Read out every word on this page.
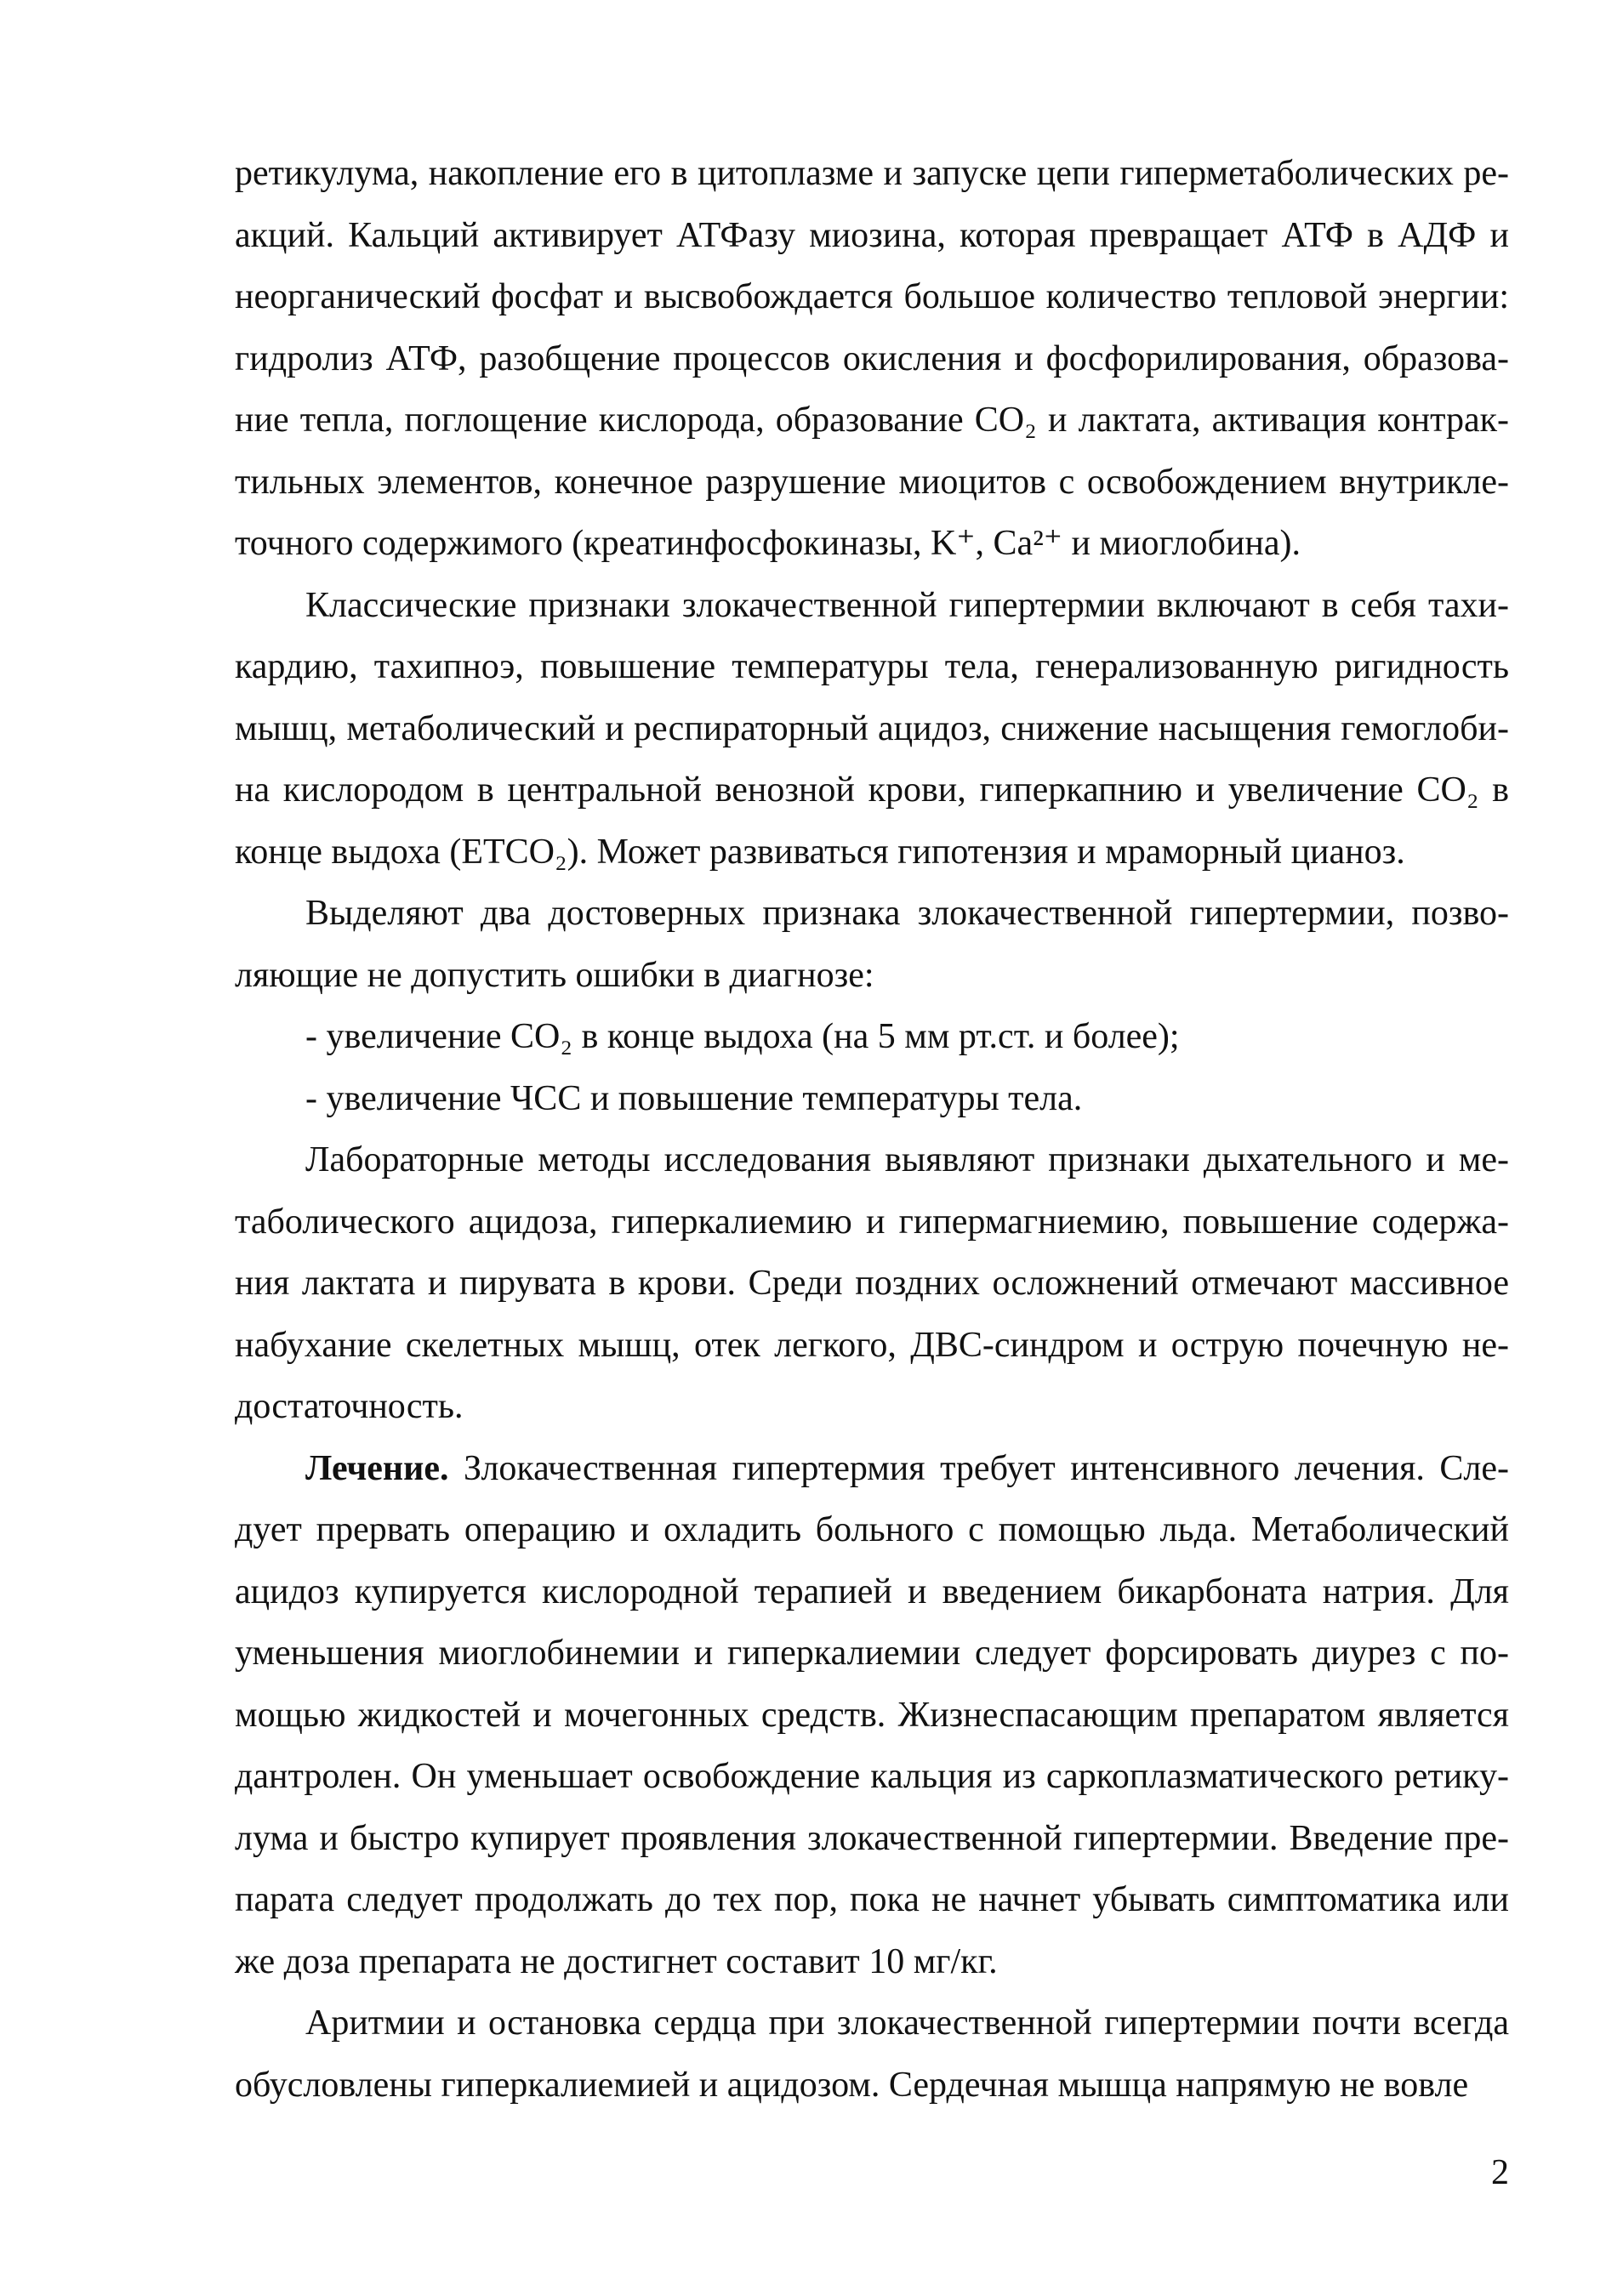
ретикулума, накопление его в цитоплазме и запуске цепи гиперметаболических реакций. Кальций активирует АТФазу миозина, которая превращает АТФ в АДФ и неорганический фосфат и высвобождается большое количество тепловой энергии: гидролиз АТФ, разобщение процессов окисления и фосфорилирования, образование тепла, поглощение кислорода, образование CO₂ и лактата, активация контрактильных элементов, конечное разрушение миоцитов с освобождением внутриклеточного содержимого (креатинфосфокиназы, K⁺, Ca²⁺ и миоглобина).

Классические признаки злокачественной гипертермии включают в себя тахикардию, тахипноэ, повышение температуры тела, генерализованную ригидность мышц, метаболический и респираторный ацидоз, снижение насыщения гемоглобина кислородом в центральной венозной крови, гиперкапнию и увеличение CO₂ в конце выдоха (ETCO₂). Может развиваться гипотензия и мраморный цианоз.

Выделяют два достоверных признака злокачественной гипертермии, позволяющие не допустить ошибки в диагнозе:

- увеличение CO₂ в конце выдоха (на 5 мм рт.ст. и более);

- увеличение ЧСС и повышение температуры тела.

Лабораторные методы исследования выявляют признаки дыхательного и метаболического ацидоза, гиперкалиемию и гипермагниемию, повышение содержания лактата и пирувата в крови. Среди поздних осложнений отмечают массивное набухание скелетных мышц, отек легкого, ДВС-синдром и острую почечную недостаточность.

Лечение. Злокачественная гипертермия требует интенсивного лечения. Следует прервать операцию и охладить больного с помощью льда. Метаболический ацидоз купируется кислородной терапией и введением бикарбоната натрия. Для уменьшения миоглобинемии и гиперкалиемии следует форсировать диурез с помощью жидкостей и мочегонных средств. Жизнеспасающим препаратом является дантролен. Он уменьшает освобождение кальция из саркоплазматического ретикулума и быстро купирует проявления злокачественной гипертермии. Введение препарата следует продолжать до тех пор, пока не начнет убывать симптоматика или же доза препарата не достигнет составит 10 мг/кг.

Аритмии и остановка сердца при злокачественной гипертермии почти всегда обусловлены гиперкалиемией и ацидозом. Сердечная мышца напрямую не вовле

2
